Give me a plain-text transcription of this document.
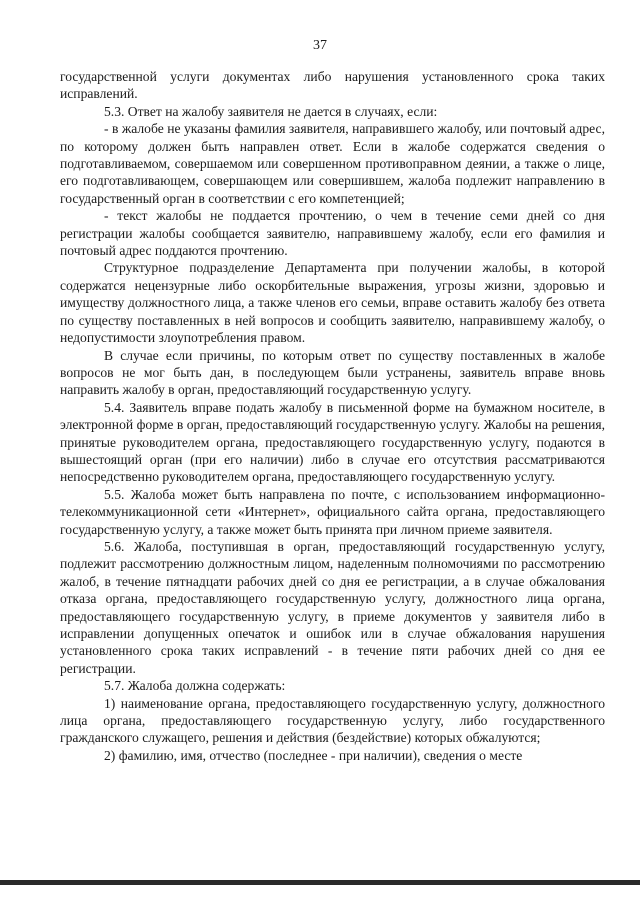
37

государственной услуги документах либо нарушения установленного срока таких исправлений.

5.3. Ответ на жалобу заявителя не дается в случаях, если:

- в жалобе не указаны фамилия заявителя, направившего жалобу, или почтовый адрес, по которому должен быть направлен ответ. Если в жалобе содержатся сведения о подготавливаемом, совершаемом или совершенном противоправном деянии, а также о лице, его подготавливающем, совершающем или совершившем, жалоба подлежит направлению в государственный орган в соответствии с его компетенцией;

- текст жалобы не поддается прочтению, о чем в течение семи дней со дня регистрации жалобы сообщается заявителю, направившему жалобу, если его фамилия и почтовый адрес поддаются прочтению.

Структурное подразделение Департамента при получении жалобы, в которой содержатся нецензурные либо оскорбительные выражения, угрозы жизни, здоровью и имуществу должностного лица, а также членов его семьи, вправе оставить жалобу без ответа по существу поставленных в ней вопросов и сообщить заявителю, направившему жалобу, о недопустимости злоупотребления правом.

В случае если причины, по которым ответ по существу поставленных в жалобе вопросов не мог быть дан, в последующем были устранены, заявитель вправе вновь направить жалобу в орган, предоставляющий государственную услугу.

5.4. Заявитель вправе подать жалобу в письменной форме на бумажном носителе, в электронной форме в орган, предоставляющий государственную услугу. Жалобы на решения, принятые руководителем органа, предоставляющего государственную услугу, подаются в вышестоящий орган (при его наличии) либо в случае его отсутствия рассматриваются непосредственно руководителем органа, предоставляющего государственную услугу.

5.5. Жалоба может быть направлена по почте, с использованием информационно-телекоммуникационной сети «Интернет», официального сайта органа, предоставляющего государственную услугу, а также может быть принята при личном приеме заявителя.

5.6. Жалоба, поступившая в орган, предоставляющий государственную услугу, подлежит рассмотрению должностным лицом, наделенным полномочиями по рассмотрению жалоб, в течение пятнадцати рабочих дней со дня ее регистрации, а в случае обжалования отказа органа, предоставляющего государственную услугу, должностного лица органа, предоставляющего государственную услугу, в приеме документов у заявителя либо в исправлении допущенных опечаток и ошибок или в случае обжалования нарушения установленного срока таких исправлений - в течение пяти рабочих дней со дня ее регистрации.

5.7. Жалоба должна содержать:

1) наименование органа, предоставляющего государственную услугу, должностного лица органа, предоставляющего государственную услугу, либо государственного гражданского служащего, решения и действия (бездействие) которых обжалуются;

2) фамилию, имя, отчество (последнее - при наличии), сведения о месте
